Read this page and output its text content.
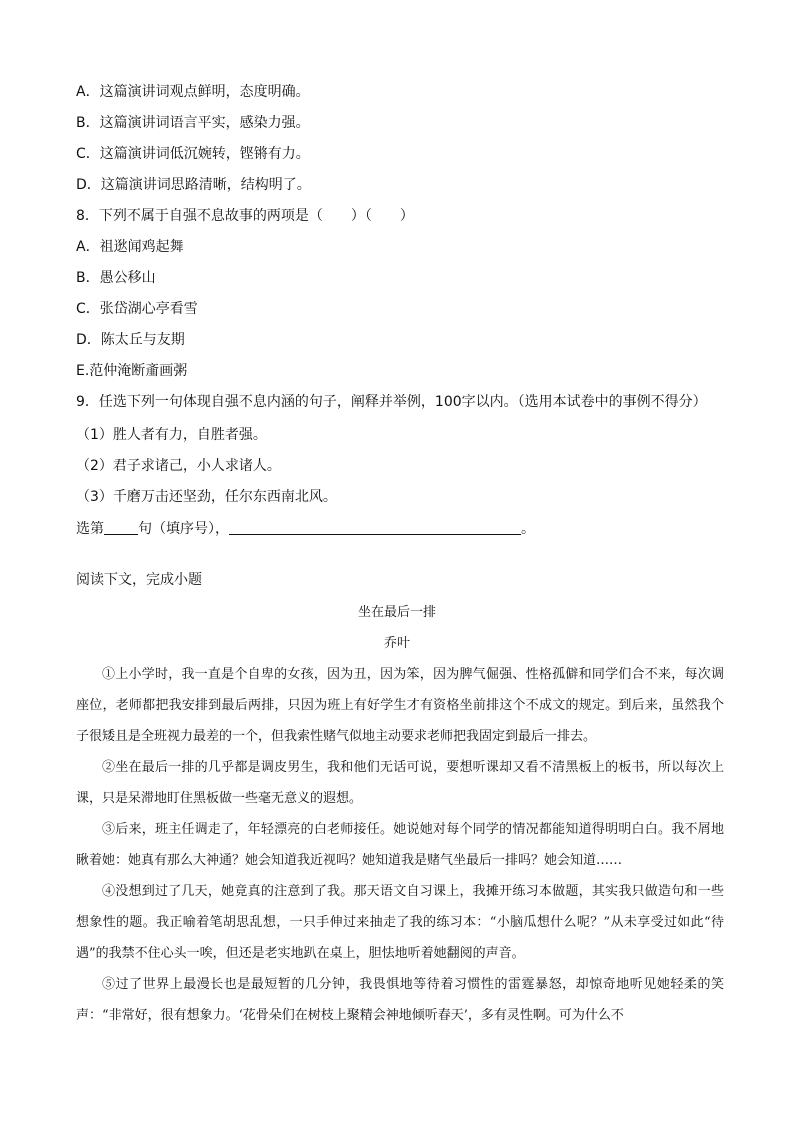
A．这篇演讲词观点鲜明，态度明确。
B．这篇演讲词语言平实，感染力强。
C．这篇演讲词低沉婉转，铿锵有力。
D．这篇演讲词思路清晰，结构明了。
8．下列不属于自强不息故事的两项是（　　）（　　）
A．祖逖闻鸡起舞
B．愚公移山
C．张岱湖心亭看雪
D．陈太丘与友期
E.范仲淹断齑画粥
9．任选下列一句体现自强不息内涵的句子，阐释并举例，100字以内。（选用本试卷中的事例不得分）
（1）胜人者有力，自胜者强。
（2）君子求诸己，小人求诸人。
（3）千磨万击还坚劲，任尔东西南北风。
选第 句（填序号），	。
阅读下文，完成小题
坐在最后一排
乔叶

①上小学时，我一直是个自卑的女孩，因为丑，因为笨，因为脾气倔强、性格孤僻和同学们合不来，每次调座位，老师都把我安排到最后两排，只因为班上有好学生才有资格坐前排这个不成文的规定。到后来，虽然我个子很矮且是全班视力最差的一个，但我索性赌气似地主动要求老师把我固定到最后一排去。

②坐在最后一排的几乎都是调皮男生，我和他们无话可说，要想听课却又看不清黑板上的板书，所以每次上课，只是呆滞地盯住黑板做一些毫无意义的遐想。

③后来，班主任调走了，年轻漂亮的白老师接任。她说她对每个同学的情况都能知道得明明白白。我不屑地瞅着她：她真有那么大神通？她会知道我近视吗？她知道我是赌气坐最后一排吗？她会知道……

④没想到过了几天，她竟真的注意到了我。那天语文自习课上，我摊开练习本做题，其实我只做造句和一些想象性的题。我正喻着笔胡思乱想，一只手伸过来抽走了我的练习本：“小脑瓜想什么呢？”从未享受过如此“待遇”的我禁不住心头一唉，但还是老实地趴在桌上，胆怯地听着她翻阅的声音。

⑤过了世界上最漫长也是最短暂的几分钟，我畏惧地等待着习惯性的雷霆暴怒，却惊奇地听见她轻柔的笑声：“非常好，很有想象力。‘花骨朵们在树枝上聚精会神地倾听春天’，多有灵性啊。可为什么不
